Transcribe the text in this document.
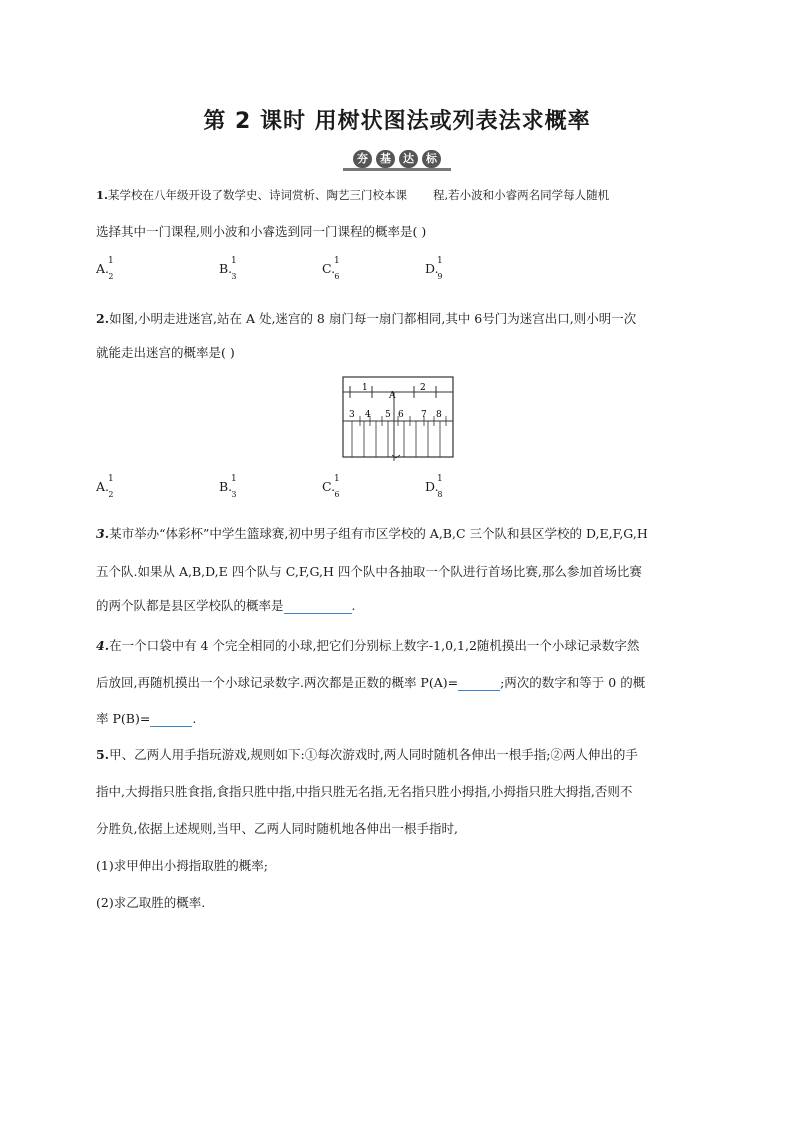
第 2 课时 用树状图法或列表法求概率
夯	基	达	标
1.某学校在八年级开设了数学史、诗词赏析、陶艺三门校本课 程,若小波和小睿两名同学每人随机
选择其中一门课程,则小波和小睿选到同一门课程的概率是( )
A.
1
2
B.
1
3
C.
1
6
D.
1
9
2.如图,小明走进迷宫,站在 A 处,迷宫的 8 扇门每一扇门都相同,其中 6号门为迷宫出口,则小明一次
就能走出迷宫的概率是( )
1
A
2
3 4 5 6 7 8
A.
1
2
B.
1
3
C.
1
6
D.
1
8
3.某市举办“体彩杯”中学生篮球赛,初中男子组有市区学校的 A,B,C 三个队和县区学校的 D,E,F,G,H
五个队.如果从 A,B,D,E 四个队与 C,F,G,H 四个队中各抽取一个队进行首场比赛,那么参加首场比赛
的两个队都是县区学校队的概率是	.
4.在一个口袋中有 4 个完全相同的小球,把它们分别标上数字-1,0,1,2随机摸出一个小球记录数字然
后放回,再随机摸出一个小球记录数字.两次都是正数的概率 P(A)=	;两次的数字和等于 0 的概
率 P(B)=	.
5.甲、乙两人用手指玩游戏,规则如下:①每次游戏时,两人同时随机各伸出一根手指;②两人伸出的手
指中,大拇指只胜食指,食指只胜中指,中指只胜无名指,无名指只胜小拇指,小拇指只胜大拇指,否则不
分胜负,依据上述规则,当甲、乙两人同时随机地各伸出一根手指时,
(1)求甲伸出小拇指取胜的概率;
(2)求乙取胜的概率.
